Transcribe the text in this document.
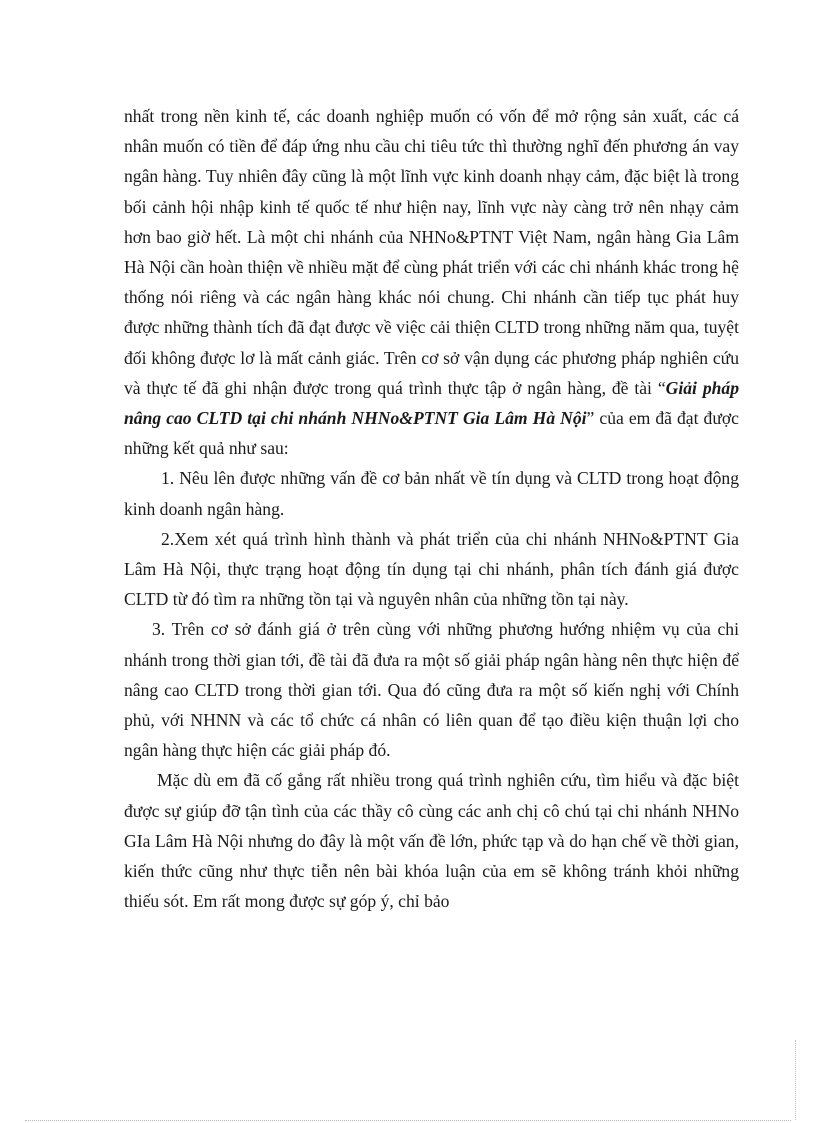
nhất trong nền kinh tế, các doanh nghiệp muốn có vốn để mở rộng sản xuất, các cá nhân muốn có tiền để đáp ứng nhu cầu chi tiêu tức thì thường nghĩ đến phương án vay ngân hàng. Tuy nhiên đây cũng là một lĩnh vực kinh doanh nhạy cảm, đặc biệt là trong bối cảnh hội nhập kinh tế quốc tế như hiện nay, lĩnh vực này càng trở nên nhạy cảm hơn bao giờ hết. Là một chi nhánh của NHNo&PTNT Việt Nam, ngân hàng Gia Lâm Hà Nội cần hoàn thiện về nhiều mặt để cùng phát triển với các chi nhánh khác trong hệ thống nói riêng và các ngân hàng khác nói chung. Chi nhánh cần tiếp tục phát huy được những thành tích đã đạt được về việc cải thiện CLTD trong những năm qua, tuyệt đối không được lơ là mất cảnh giác. Trên cơ sở vận dụng các phương pháp nghiên cứu và thực tế đã ghi nhận được trong quá trình thực tập ở ngân hàng, đề tài “Giải pháp nâng cao CLTD tại chi nhánh NHNo&PTNT Gia Lâm Hà Nội” của em đã đạt được những kết quả như sau:

1. Nêu lên được những vấn đề cơ bản nhất về tín dụng và CLTD trong hoạt động kinh doanh ngân hàng.

2.Xem xét quá trình hình thành và phát triển của chi nhánh NHNo&PTNT Gia Lâm Hà Nội, thực trạng hoạt động tín dụng tại chi nhánh, phân tích đánh giá được CLTD từ đó tìm ra những tồn tại và nguyên nhân của những tồn tại này.

3. Trên cơ sở đánh giá ở trên cùng với những phương hướng nhiệm vụ của chi nhánh trong thời gian tới, đề tài đã đưa ra một số giải pháp ngân hàng nên thực hiện để nâng cao CLTD trong thời gian tới. Qua đó cũng đưa ra một số kiến nghị với Chính phủ, với NHNN và các tổ chức cá nhân có liên quan để tạo điều kiện thuận lợi cho ngân hàng thực hiện các giải pháp đó.

Mặc dù em đã cố gắng rất nhiều trong quá trình nghiên cứu, tìm hiểu và đặc biệt được sự giúp đỡ tận tình của các thầy cô cùng các anh chị cô chú tại chi nhánh NHNo GIa Lâm Hà Nội nhưng do đây là một vấn đề lớn, phức tạp và do hạn chế về thời gian, kiến thức cũng như thực tiễn nên bài khóa luận của em sẽ không tránh khỏi những thiếu sót. Em rất mong được sự góp ý, chỉ bảo
